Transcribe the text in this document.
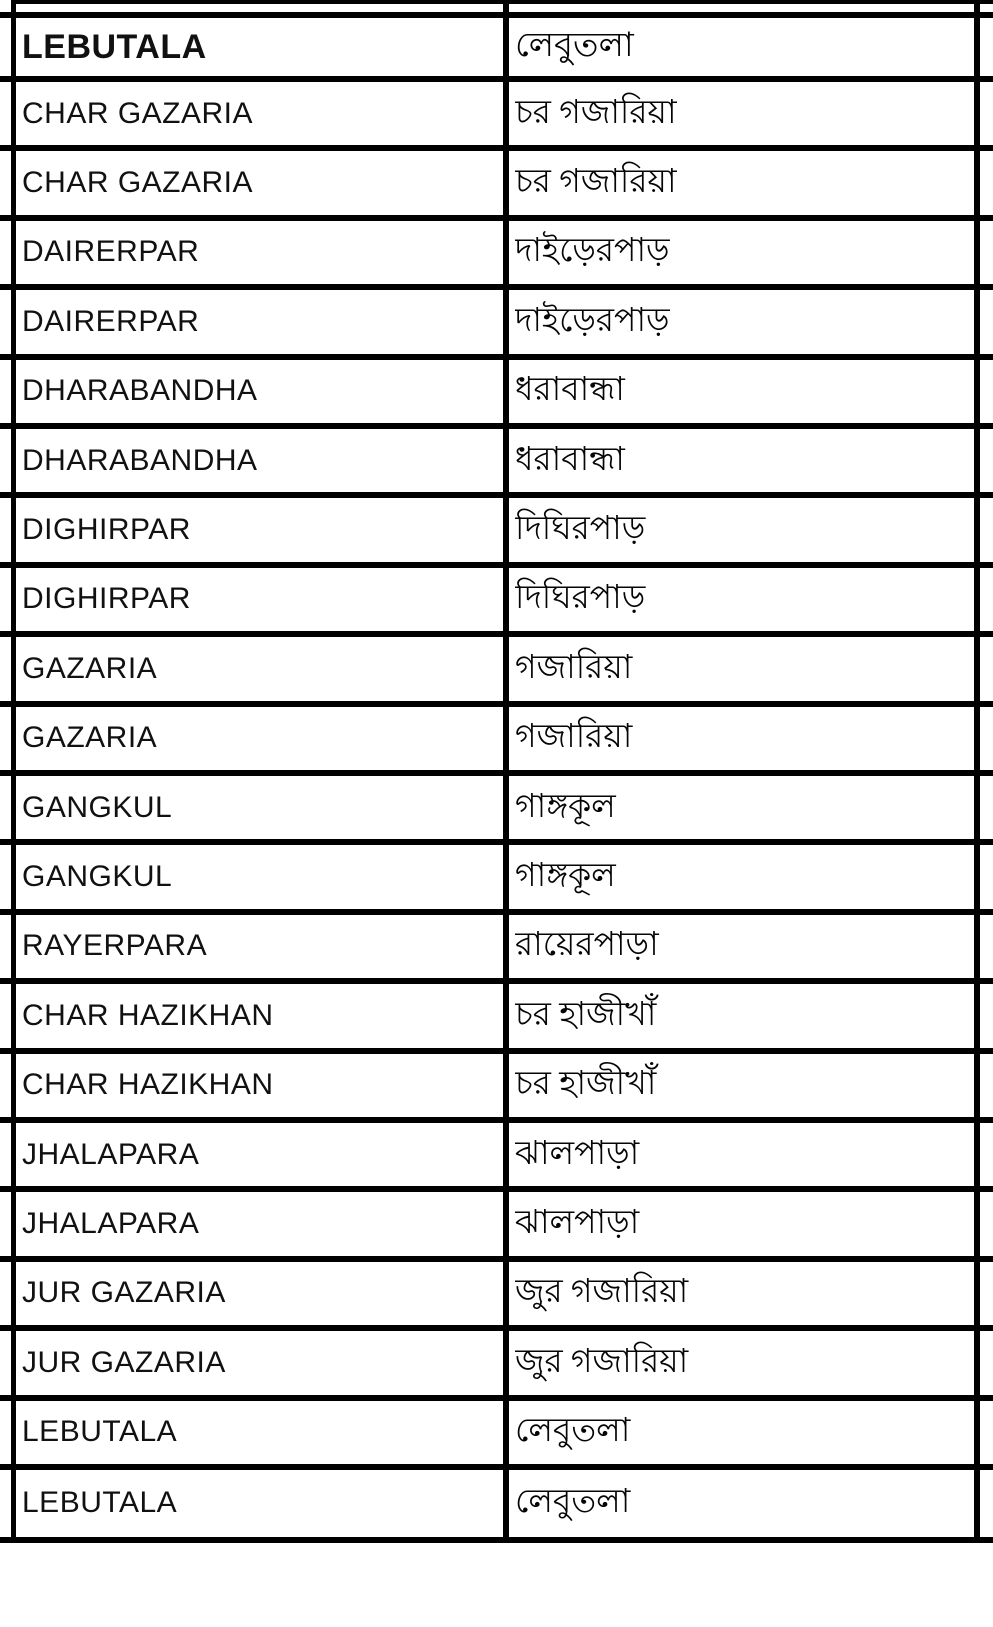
LEBUTALA	লেবুতলা
CHAR GAZARIA	চর গজারিয়া
CHAR GAZARIA	চর গজারিয়া
DAIRERPAR	দাইড়েরপাড়
DAIRERPAR	দাইড়েরপাড়
DHARABANDHA	ধরাবান্ধা
DHARABANDHA	ধরাবান্ধা
DIGHIRPAR	দিঘিরপাড়
DIGHIRPAR	দিঘিরপাড়
GAZARIA	গজারিয়া
GAZARIA	গজারিয়া
GANGKUL	গাঙ্গকূল
GANGKUL	গাঙ্গকূল
RAYERPARA	রায়েরপাড়া
CHAR HAZIKHAN	চর হাজীখাঁ
CHAR HAZIKHAN	চর হাজীখাঁ
JHALAPARA	ঝালপাড়া
JHALAPARA	ঝালপাড়া
JUR GAZARIA	জুর গজারিয়া
JUR GAZARIA	জুর গজারিয়া
LEBUTALA	লেবুতলা
LEBUTALA	লেবুতলা
